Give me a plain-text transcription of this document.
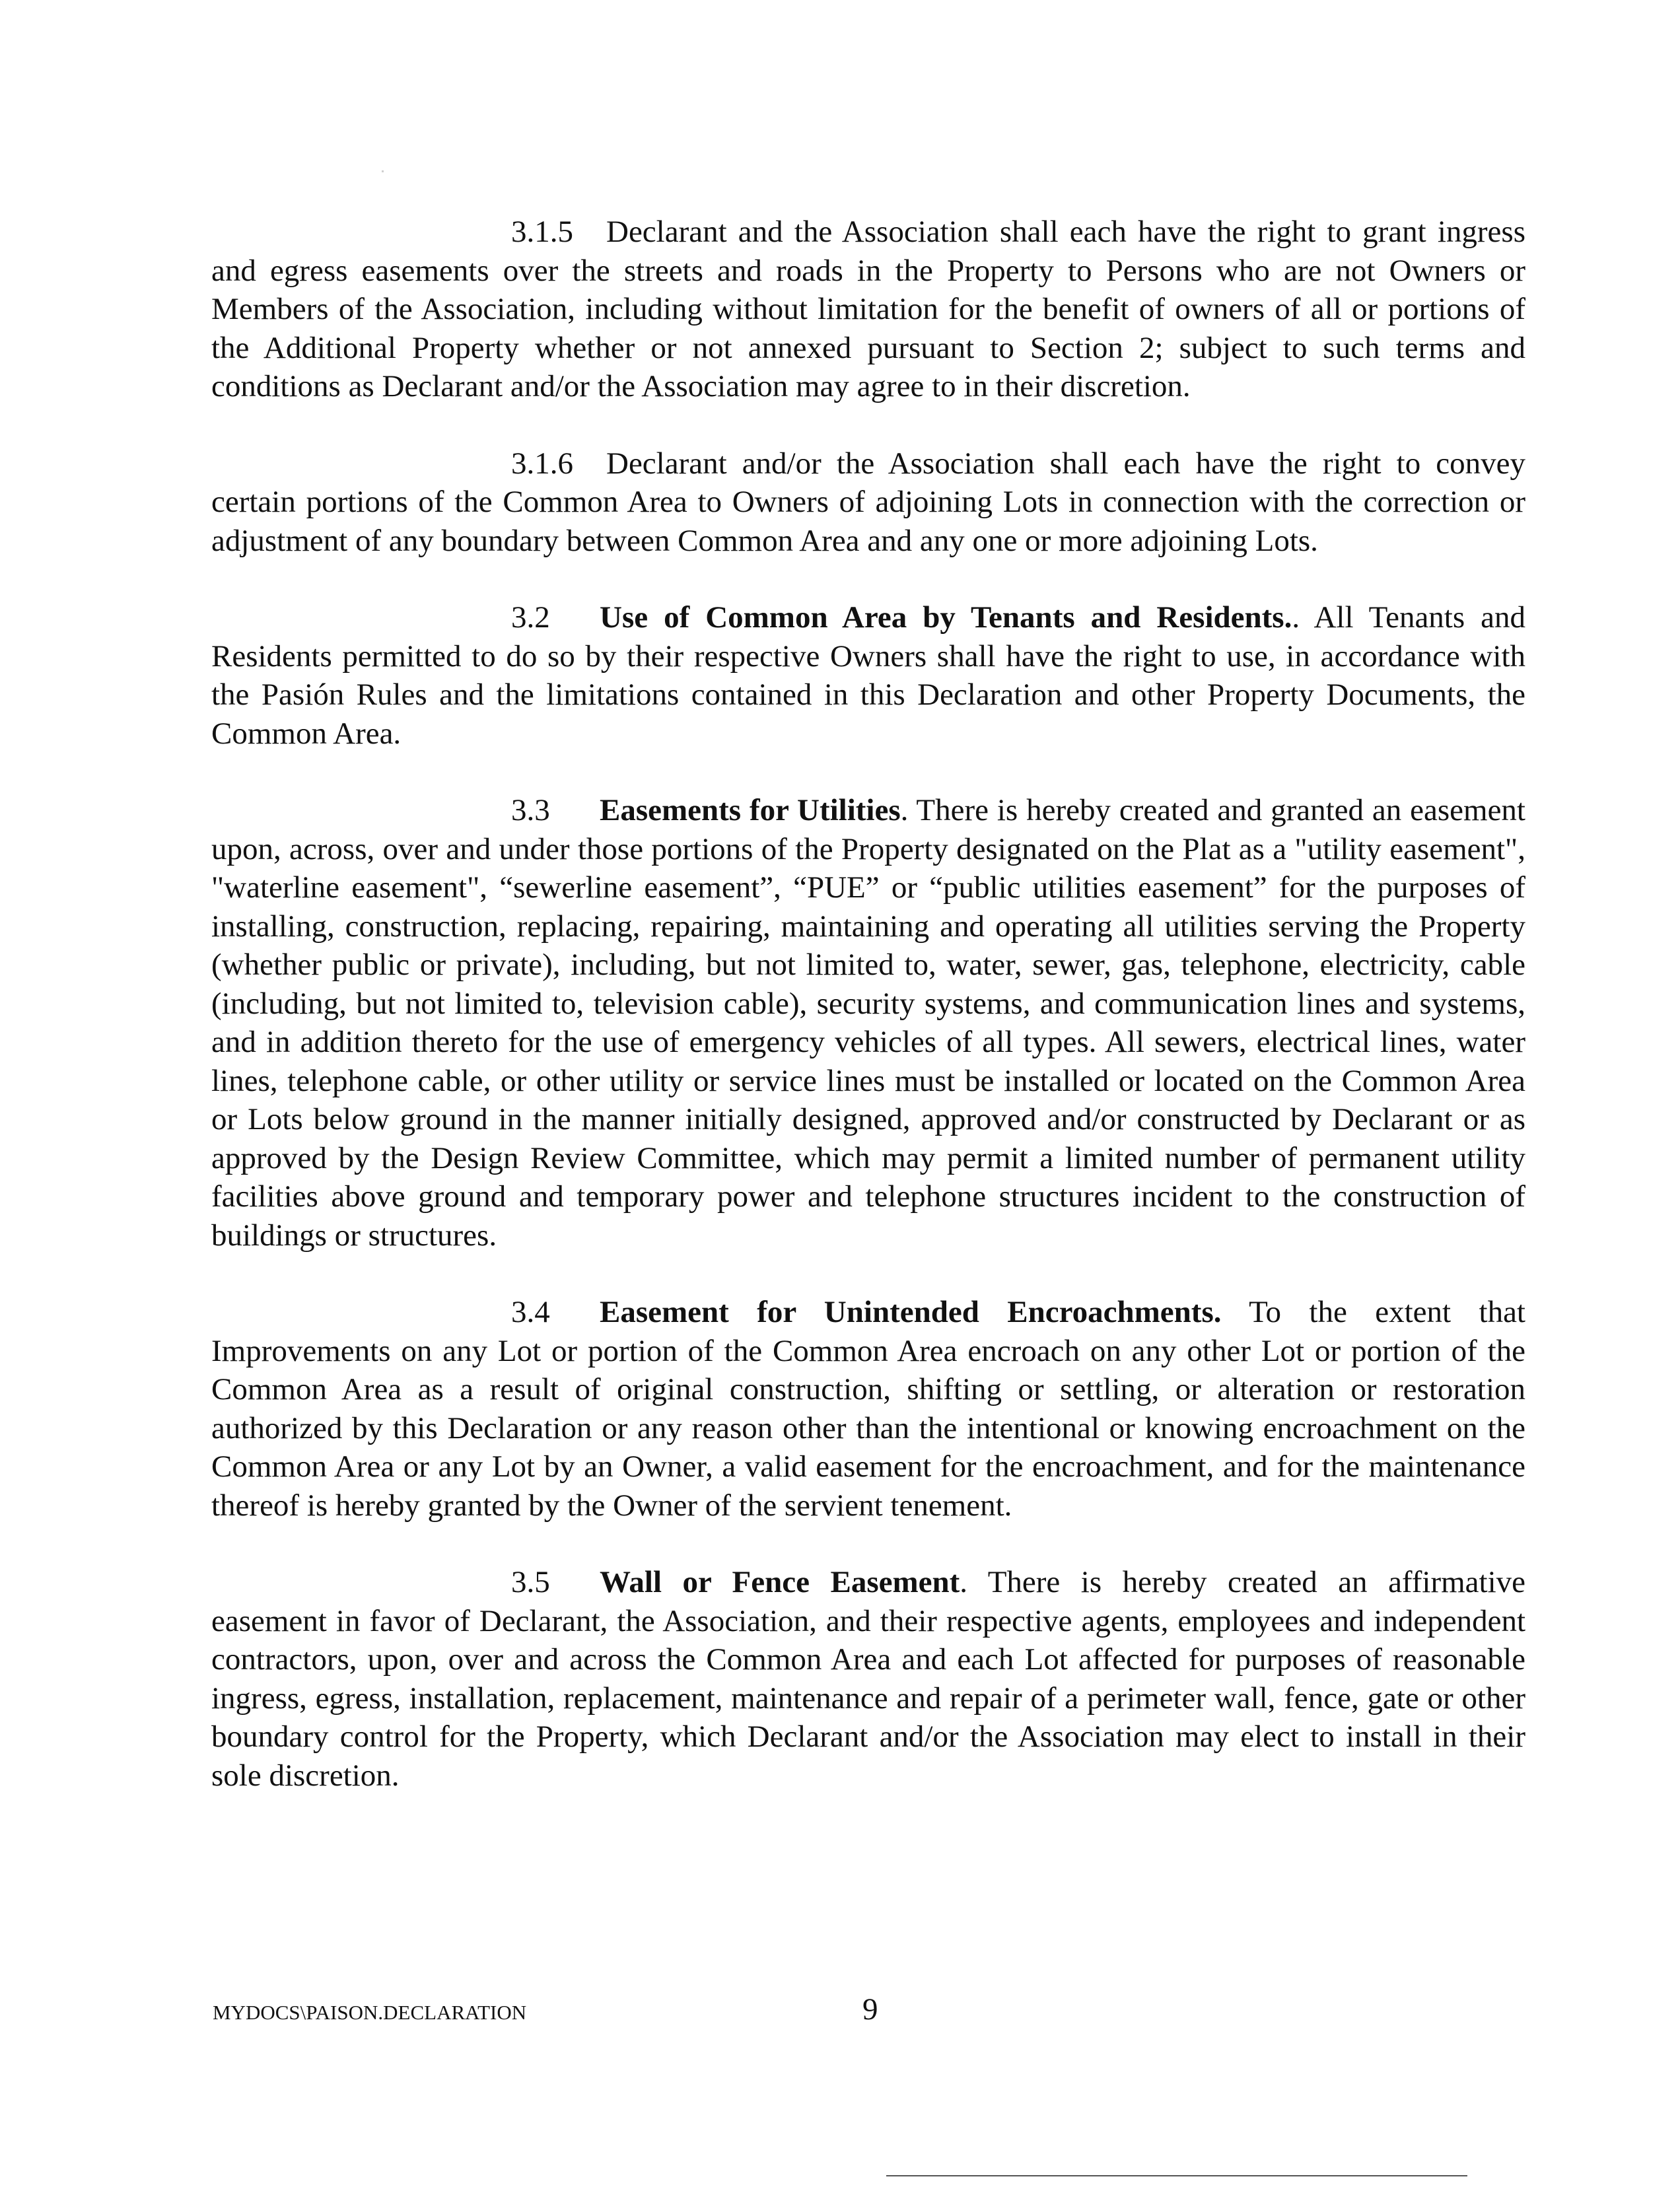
3.1.5 Declarant and the Association shall each have the right to grant ingress and egress easements over the streets and roads in the Property to Persons who are not Owners or Members of the Association, including without limitation for the benefit of owners of all or portions of the Additional Property whether or not annexed pursuant to Section 2; subject to such terms and conditions as Declarant and/or the Association may agree to in their discretion.

3.1.6 Declarant and/or the Association shall each have the right to convey certain portions of the Common Area to Owners of adjoining Lots in connection with the correction or adjustment of any boundary between Common Area and any one or more adjoining Lots.

3.2 Use of Common Area by Tenants and Residents.. All Tenants and Residents permitted to do so by their respective Owners shall have the right to use, in accordance with the Pasión Rules and the limitations contained in this Declaration and other Property Documents, the Common Area.

3.3 Easements for Utilities. There is hereby created and granted an easement upon, across, over and under those portions of the Property designated on the Plat as a "utility easement", "waterline easement", “sewerline easement”, “PUE” or “public utilities easement” for the purposes of installing, construction, replacing, repairing, maintaining and operating all utilities serving the Property (whether public or private), including, but not limited to, water, sewer, gas, telephone, electricity, cable (including, but not limited to, television cable), security systems, and communication lines and systems, and in addition thereto for the use of emergency vehicles of all types. All sewers, electrical lines, water lines, telephone cable, or other utility or service lines must be installed or located on the Common Area or Lots below ground in the manner initially designed, approved and/or constructed by Declarant or as approved by the Design Review Committee, which may permit a limited number of permanent utility facilities above ground and temporary power and telephone structures incident to the construction of buildings or structures.

3.4 Easement for Unintended Encroachments. To the extent that Improvements on any Lot or portion of the Common Area encroach on any other Lot or portion of the Common Area as a result of original construction, shifting or settling, or alteration or restoration authorized by this Declaration or any reason other than the intentional or knowing encroachment on the Common Area or any Lot by an Owner, a valid easement for the encroachment, and for the maintenance thereof is hereby granted by the Owner of the servient tenement.

3.5 Wall or Fence Easement. There is hereby created an affirmative easement in favor of Declarant, the Association, and their respective agents, employees and independent contractors, upon, over and across the Common Area and each Lot affected for purposes of reasonable ingress, egress, installation, replacement, maintenance and repair of a perimeter wall, fence, gate or other boundary control for the Property, which Declarant and/or the Association may elect to install in their sole discretion.

MYDOCS\PAISON.DECLARATION	9
